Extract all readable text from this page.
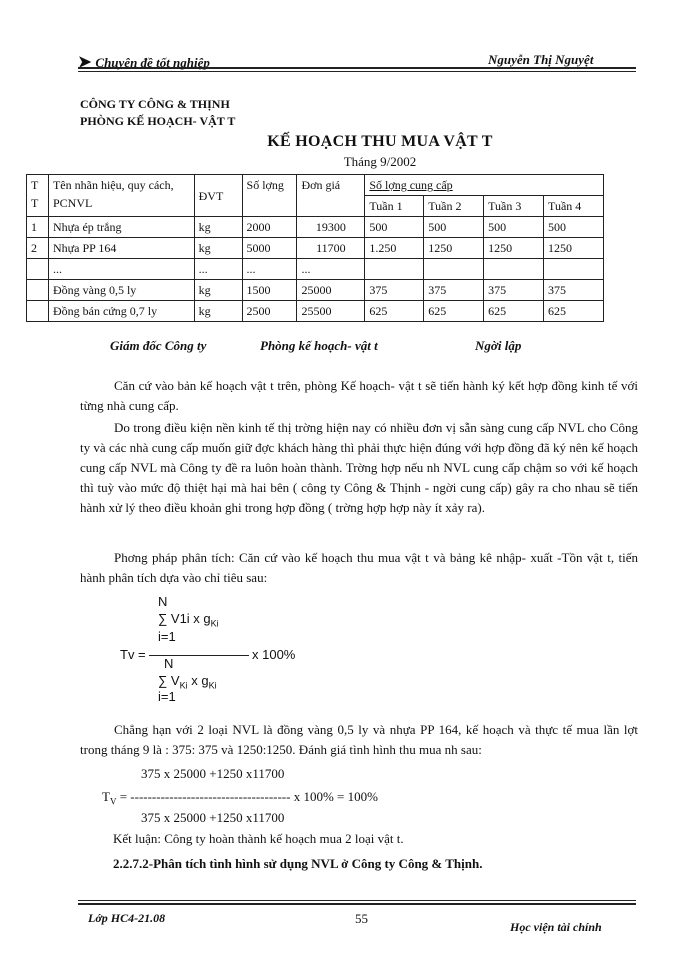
➤ Chuyên đề tốt nghiệp	Nguyễn Thị Nguyệt
CÔNG TY CÔNG & THỊNH
PHÒNG KẾ HOẠCH- VẬT T
KẾ HOẠCH THU MUA VẬT T
Tháng 9/2002
T T	Tên nhãn hiệu, quy cách, PCNVL	ĐVT	Số lợng	Đơn giá	Số lợng cung cấp			
					Tuần 1	Tuần 2	Tuần 3	Tuần 4
1	Nhựa ép trắng	kg	2000	19300	500	500	500	500
2	Nhựa PP 164	kg	5000	11700	1.250	1250	1250	1250
	...	...	...	...				
	Đồng vàng 0,5 ly	kg	1500	25000	375	375	375	375
	Đồng bán cứng 0,7 ly	kg	2500	25500	625	625	625	625
Giám đốc Công ty	Phòng kế hoạch- vật t	Ngời lập
Căn cứ vào bản kế hoạch vật t trên, phòng Kế hoạch- vật t sẽ tiến hành ký kết hợp đồng kinh tế với từng nhà cung cấp.
Do trong điều kiện nền kinh tế thị trờng hiện nay có nhiều đơn vị sẵn sàng cung cấp NVL cho Công ty và các nhà cung cấp muốn giữ đợc khách hàng thì phải thực hiện đúng với hợp đồng đã ký nên kế hoạch cung cấp NVL mà Công ty đề ra luôn hoàn thành. Trờng hợp nếu nh NVL cung cấp chậm so với kế hoạch thì tuỳ vào mức độ thiệt hại mà hai bên ( công ty Công & Thịnh - ngời cung cấp) gây ra cho nhau sẽ tiến hành xử lý theo điều khoản ghi trong hợp đồng ( trờng hợp hợp này ít xảy ra).
Phơng pháp phân tích: Căn cứ vào kế hoạch thu mua vật t và bảng kê nhập- xuất -Tồn vật t, tiến hành phân tích dựa vào chỉ tiêu sau:
N
∑ V1i x $g_{Ki}$
i=1
Tv =	x 100%
N
∑ $V_{Ki}$ x $g_{Ki}$
i=1
Chẳng hạn với 2 loại NVL là đồng vàng 0,5 ly và nhựa PP 164, kế hoạch và thực tế mua lần lợt trong tháng 9 là : 375: 375 và 1250:1250. Đánh giá tình hình thu mua nh sau:
375 x 25000 +1250 x11700
$T_V$ = ------------------------------------- x 100% = 100%
375 x 25000 +1250 x11700
Kết luận: Công ty hoàn thành kế hoạch mua 2 loại vật t.
2.2.7.2-Phân tích tình hình sử dụng NVL ở Công ty Công & Thịnh.
Lớp HC4-21.08	55
Học viện tài chính
